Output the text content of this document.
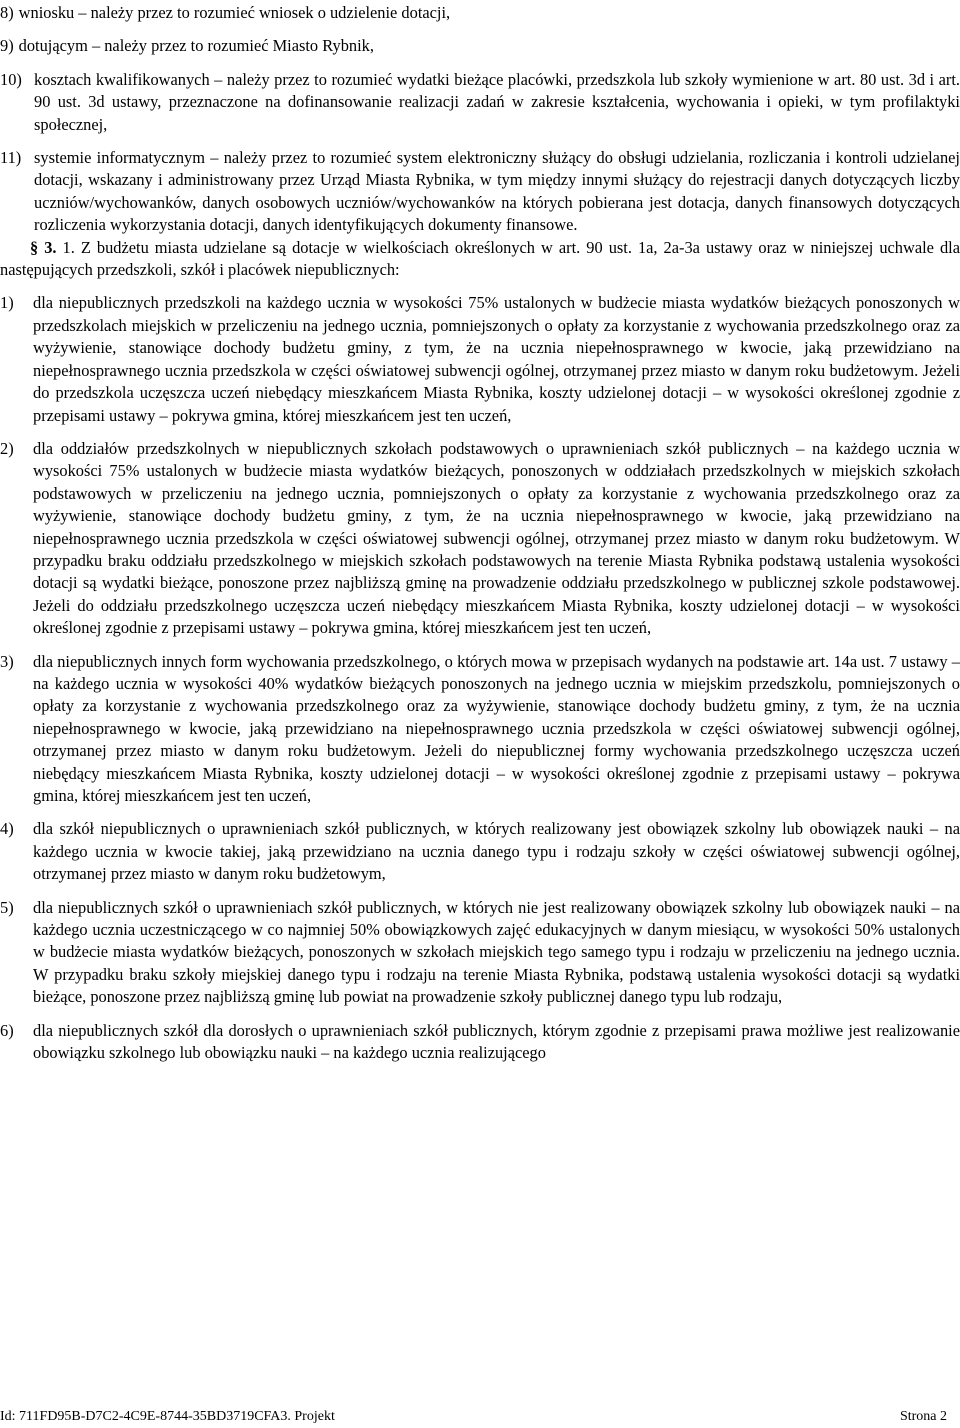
8) wniosku – należy przez to rozumieć wniosek o udzielenie dotacji,
9) dotującym – należy przez to rozumieć Miasto Rybnik,
10) kosztach kwalifikowanych – należy przez to rozumieć wydatki bieżące placówki, przedszkola lub szkoły wymienione w art. 80 ust. 3d i art. 90 ust. 3d ustawy, przeznaczone na dofinansowanie realizacji zadań w zakresie kształcenia, wychowania i opieki, w tym profilaktyki społecznej,
11) systemie informatycznym – należy przez to rozumieć system elektroniczny służący do obsługi udzielania, rozliczania i kontroli udzielanej dotacji, wskazany i administrowany przez Urząd Miasta Rybnika, w tym między innymi służący do rejestracji danych dotyczących liczby uczniów/wychowanków, danych osobowych uczniów/wychowanków na których pobierana jest dotacja, danych finansowych dotyczących rozliczenia wykorzystania dotacji, danych identyfikujących dokumenty finansowe.

§ 3. 1. Z budżetu miasta udzielane są dotacje w wielkościach określonych w art. 90 ust. 1a, 2a-3a ustawy oraz w niniejszej uchwale dla następujących przedszkoli, szkół i placówek niepublicznych:

1)	dla niepublicznych przedszkoli na każdego ucznia w wysokości 75% ustalonych w budżecie miasta wydatków bieżących ponoszonych w przedszkolach miejskich w przeliczeniu na jednego ucznia, pomniejszonych o opłaty za korzystanie z wychowania przedszkolnego oraz za wyżywienie, stanowiące dochody budżetu gminy, z tym, że na ucznia niepełnosprawnego w kwocie, jaką przewidziano na niepełnosprawnego ucznia przedszkola w części oświatowej subwencji ogólnej, otrzymanej przez miasto w danym roku budżetowym. Jeżeli do przedszkola uczęszcza uczeń niebędący mieszkańcem Miasta Rybnika, koszty udzielonej dotacji – w wysokości określonej zgodnie z przepisami ustawy – pokrywa gmina, której mieszkańcem jest ten uczeń,
2)	dla oddziałów przedszkolnych w niepublicznych szkołach podstawowych o uprawnieniach szkół publicznych – na każdego ucznia w wysokości 75% ustalonych w budżecie miasta wydatków bieżących, ponoszonych w oddziałach przedszkolnych w miejskich szkołach podstawowych w przeliczeniu na jednego ucznia, pomniejszonych o opłaty za korzystanie z wychowania przedszkolnego oraz za wyżywienie, stanowiące dochody budżetu gminy, z tym, że na ucznia niepełnosprawnego w kwocie, jaką przewidziano na niepełnosprawnego ucznia przedszkola w części oświatowej subwencji ogólnej, otrzymanej przez miasto w danym roku budżetowym. W przypadku braku oddziału przedszkolnego w miejskich szkołach podstawowych na terenie Miasta Rybnika podstawą ustalenia wysokości dotacji są wydatki bieżące, ponoszone przez najbliższą gminę na prowadzenie oddziału przedszkolnego w publicznej szkole podstawowej. Jeżeli do oddziału przedszkolnego uczęszcza uczeń niebędący mieszkańcem Miasta Rybnika, koszty udzielonej dotacji – w wysokości określonej zgodnie z przepisami ustawy – pokrywa gmina, której mieszkańcem jest ten uczeń,
3)	dla niepublicznych innych form wychowania przedszkolnego, o których mowa w przepisach wydanych na podstawie art. 14a ust. 7 ustawy – na każdego ucznia w wysokości 40% wydatków bieżących ponoszonych na jednego ucznia w miejskim przedszkolu, pomniejszonych o opłaty za korzystanie z wychowania przedszkolnego oraz za wyżywienie, stanowiące dochody budżetu gminy, z tym, że na ucznia niepełnosprawnego w kwocie, jaką przewidziano na niepełnosprawnego ucznia przedszkola w części oświatowej subwencji ogólnej, otrzymanej przez miasto w danym roku budżetowym. Jeżeli do niepublicznej formy wychowania przedszkolnego uczęszcza uczeń niebędący mieszkańcem Miasta Rybnika, koszty udzielonej dotacji – w wysokości określonej zgodnie z przepisami ustawy – pokrywa gmina, której mieszkańcem jest ten uczeń,
4)	dla szkół niepublicznych o uprawnieniach szkół publicznych, w których realizowany jest obowiązek szkolny lub obowiązek nauki – na każdego ucznia w kwocie takiej, jaką przewidziano na ucznia danego typu i rodzaju szkoły w części oświatowej subwencji ogólnej, otrzymanej przez miasto w danym roku budżetowym,
5)	dla niepublicznych szkół o uprawnieniach szkół publicznych, w których nie jest realizowany obowiązek szkolny lub obowiązek nauki – na każdego ucznia uczestniczącego w co najmniej 50% obowiązkowych zajęć edukacyjnych w danym miesiącu, w wysokości 50% ustalonych w budżecie miasta wydatków bieżących, ponoszonych w szkołach miejskich tego samego typu i rodzaju w przeliczeniu na jednego ucznia. W przypadku braku szkoły miejskiej danego typu i rodzaju na terenie Miasta Rybnika, podstawą ustalenia wysokości dotacji są wydatki bieżące, ponoszone przez najbliższą gminę lub powiat na prowadzenie szkoły publicznej danego typu lub rodzaju,
6)	dla niepublicznych szkół dla dorosłych o uprawnieniach szkół publicznych, którym zgodnie z przepisami prawa możliwe jest realizowanie obowiązku szkolnego lub obowiązku nauki – na każdego ucznia realizującego
Id: 711FD95B-D7C2-4C9E-8744-35BD3719CFA3. Projekt	Strona 2
